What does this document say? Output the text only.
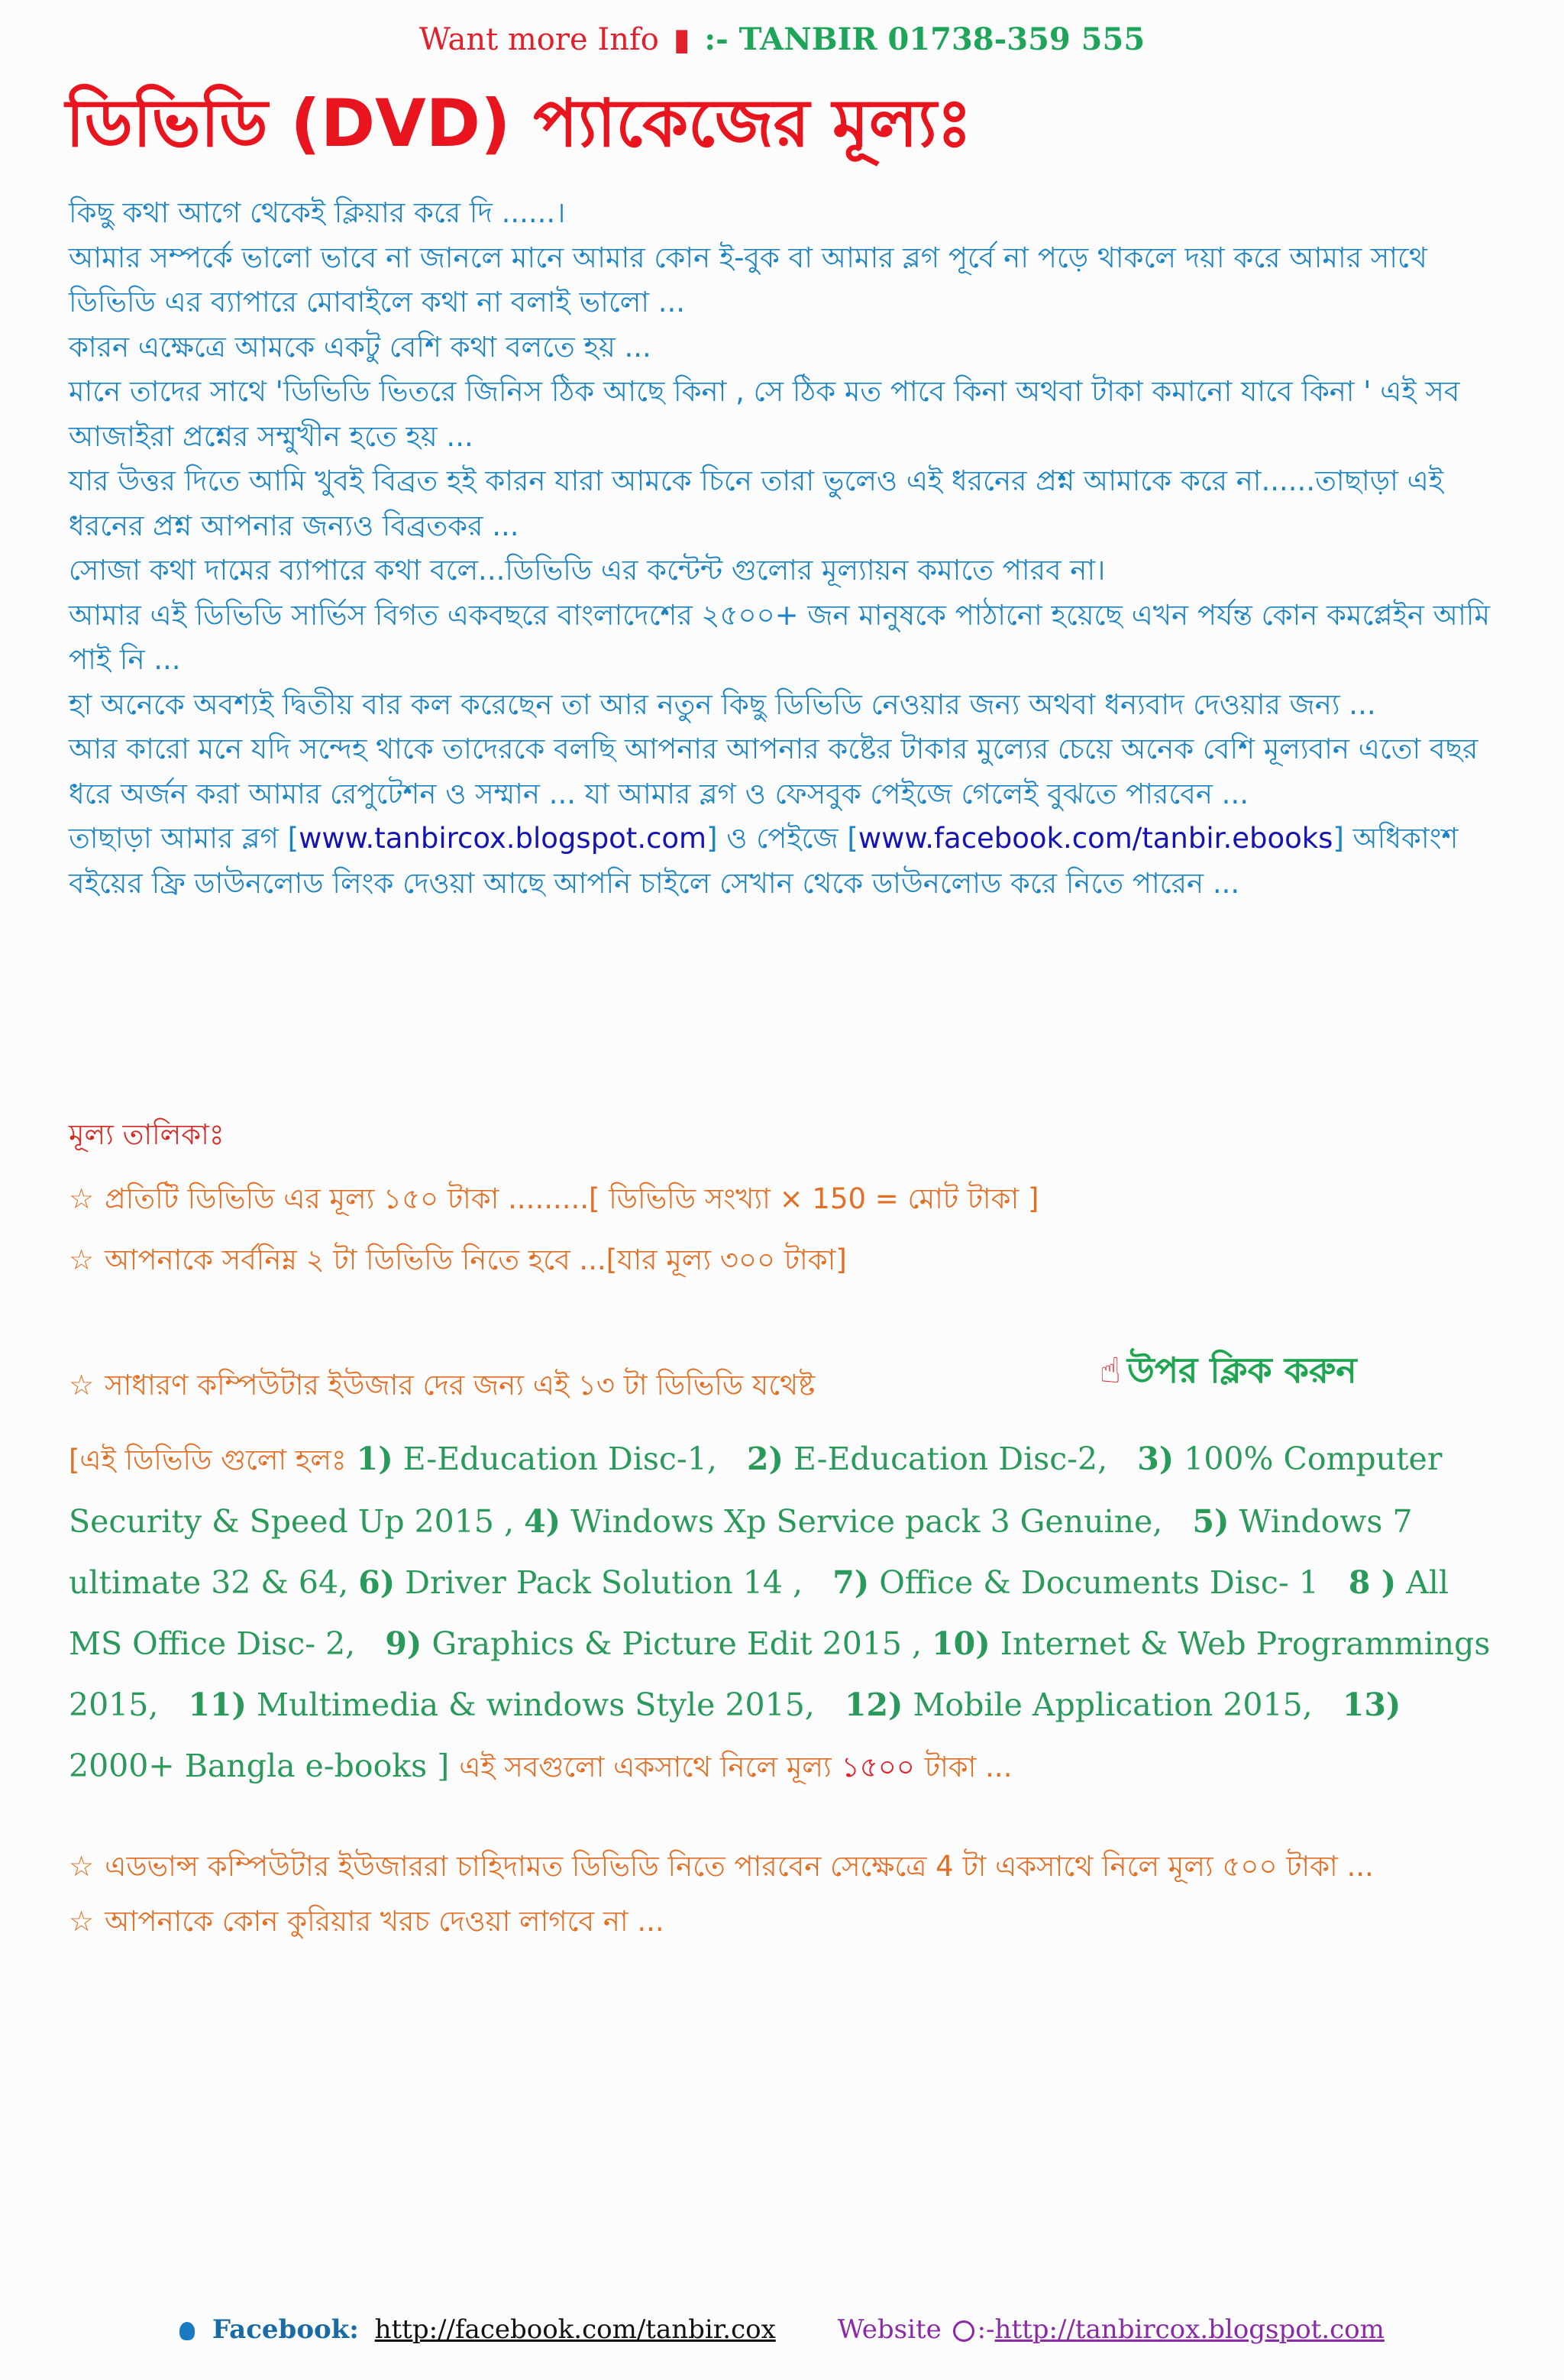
Want more Info ▮ :- TANBIR 01738-359 555
ডিভিডি (DVD) প্যাকেজের মূল্যঃ

কিছু কথা আগে থেকেই ক্লিয়ার করে দি ......।

আমার সম্পর্কে ভালো ভাবে না জানলে মানে আমার কোন ই-বুক বা আমার ব্লগ পূর্বে না পড়ে থাকলে দয়া করে আমার সাথে ডিভিডি এর ব্যাপারে মোবাইলে কথা না বলাই ভালো ...

কারন এক্ষেত্রে আমকে একটু বেশি কথা বলতে হয় ...

মানে তাদের সাথে 'ডিভিডি ভিতরে জিনিস ঠিক আছে কিনা , সে ঠিক মত পাবে কিনা অথবা টাকা কমানো যাবে কিনা ' এই সব আজাইরা প্রশ্নের সম্মুখীন হতে হয় ...

যার উত্তর দিতে আমি খুবই বিব্রত হই কারন যারা আমকে চিনে তারা ভুলেও এই ধরনের প্রশ্ন আমাকে করে না......তাছাড়া এই ধরনের প্রশ্ন আপনার জন্যও বিব্রতকর ...

সোজা কথা দামের ব্যাপারে কথা বলে...ডিভিডি এর কন্টেন্ট গুলোর মূল্যায়ন কমাতে পারব না।

আমার এই ডিভিডি সার্ভিস বিগত একবছরে বাংলাদেশের ২৫০০+ জন মানুষকে পাঠানো হয়েছে এখন পর্যন্ত কোন কমপ্লেইন আমি পাই নি ...

হা অনেকে অবশ্যই দ্বিতীয় বার কল করেছেন তা আর নতুন কিছু ডিভিডি নেওয়ার জন্য অথবা ধন্যবাদ দেওয়ার জন্য ...

আর কারো মনে যদি সন্দেহ থাকে তাদেরকে বলছি আপনার আপনার কষ্টের টাকার মুল্যের চেয়ে অনেক বেশি মূল্যবান এতো বছর ধরে অর্জন করা আমার রেপুটেশন ও সম্মান ... যা আমার ব্লগ ও ফেসবুক পেইজে গেলেই বুঝতে পারবেন ...

তাছাড়া আমার ব্লগ [www.tanbircox.blogspot.com] ও পেইজে [www.facebook.com/tanbir.ebooks] অধিকাংশ বইয়ের ফ্রি ডাউনলোড লিংক দেওয়া আছে আপনি চাইলে সেখান থেকে ডাউনলোড করে নিতে পারেন ...

মূল্য তালিকাঃ
☆ প্রতিটি ডিভিডি এর মূল্য ১৫০ টাকা .........[ ডিভিডি সংখ্যা × 150 = মোট টাকা ]
☆ আপনাকে সর্বনিম্ন ২ টা ডিভিডি নিতে হবে ...[যার মূল্য ৩০০ টাকা]
☆ সাধারণ কম্পিউটার ইউজার দের জন্য এই ১৩ টা ডিভিডি যথেষ্ট	☝ উপর ক্লিক করুন
[এই ডিভিডি গুলো হলঃ 1) E-Education Disc-1, 2) E-Education Disc-2, 3) 100% Computer Security & Speed Up 2015 , 4) Windows Xp Service pack 3 Genuine, 5) Windows 7 ultimate 32 & 64, 6) Driver Pack Solution 14 , 7) Office & Documents Disc- 1 8 ) All MS Office Disc- 2, 9) Graphics & Picture Edit 2015 , 10) Internet & Web Programmings 2015, 11) Multimedia & windows Style 2015, 12) Mobile Application 2015, 13) 2000+ Bangla e-books ] এই সবগুলো একসাথে নিলে মূল্য ১৫০০ টাকা ...
☆ এডভান্স কম্পিউটার ইউজাররা চাহিদামত ডিভিডি নিতে পারবেন সেক্ষেত্রে 4 টা একসাথে নিলে মূল্য ৫০০ টাকা ...
☆ আপনাকে কোন কুরিয়ার খরচ দেওয়া লাগবে না ...
Facebook: http://facebook.com/tanbir.cox Website :-http://tanbircox.blogspot.com
